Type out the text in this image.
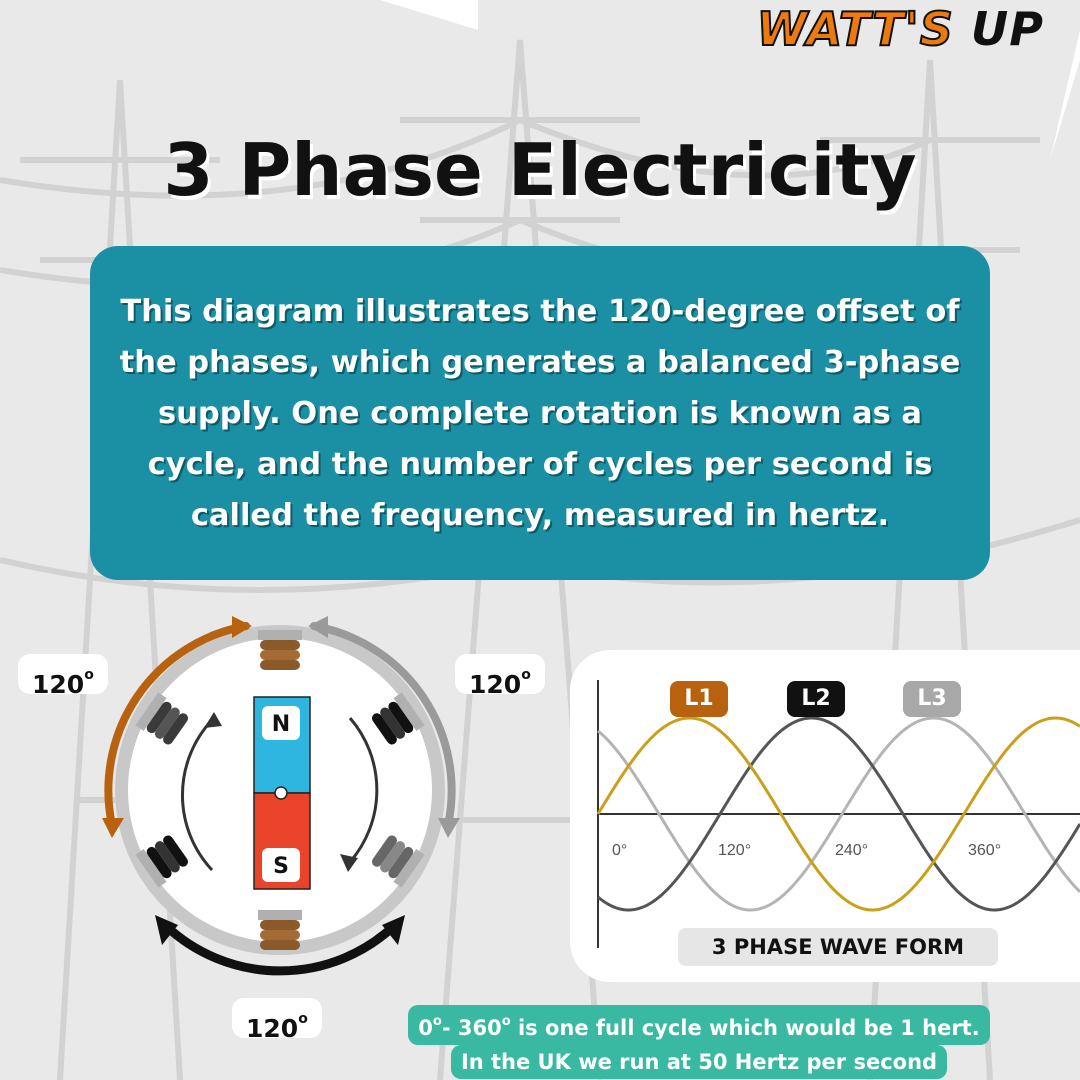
WATT'S UP
3 Phase Electricity

This diagram illustrates the 120-degree offset of the phases, which generates a balanced 3-phase supply. One complete rotation is known as a cycle, and the number of cycles per second is called the frequency, measured in hertz.

N
S
120$^o$	120$^o$
120$^o$
L1	L2	L3
0°	120°	240°	360°
3 PHASE WAVE FORM
0$^o$- 360$^o$ is one full cycle which would be 1 hert.
In the UK we run at 50 Hertz per second
